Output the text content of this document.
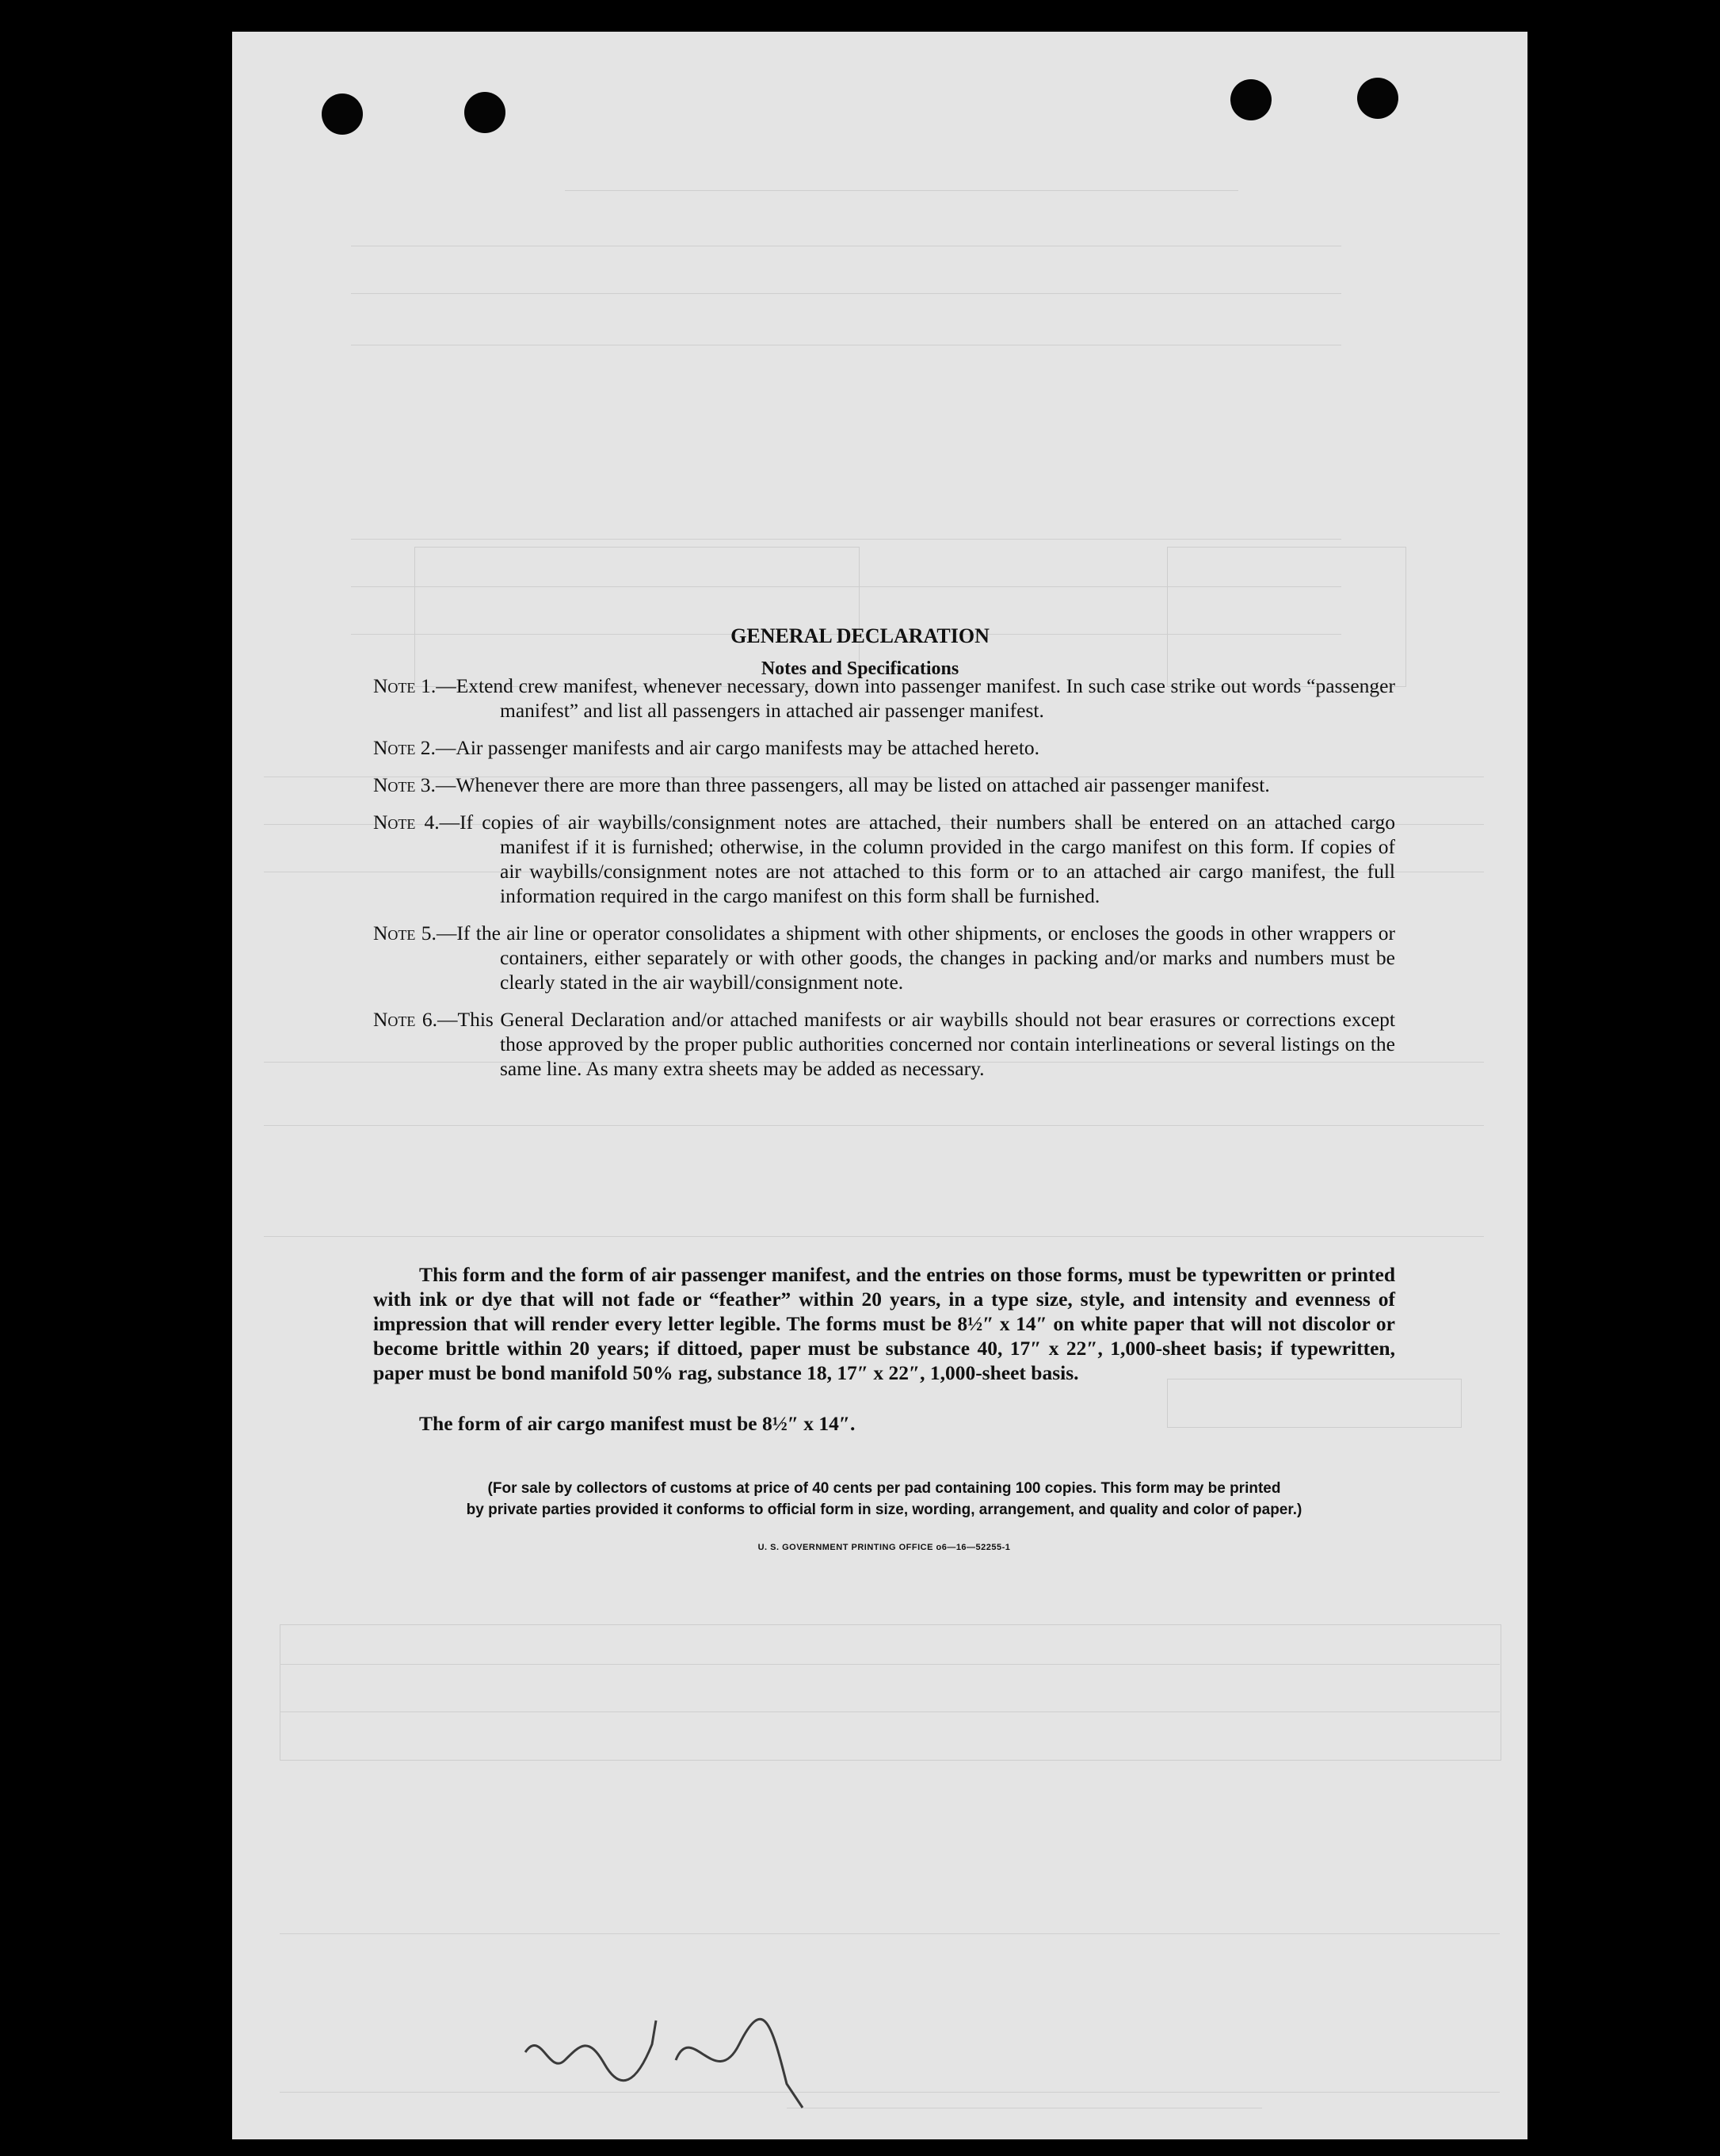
GENERAL DECLARATION
Notes and Specifications
Note 1.—Extend crew manifest, whenever necessary, down into passenger manifest. In such case strike out words “passenger manifest” and list all passengers in attached air passenger manifest.
Note 2.—Air passenger manifests and air cargo manifests may be attached hereto.
Note 3.—Whenever there are more than three passengers, all may be listed on attached air passenger manifest.
Note 4.—If copies of air waybills/consignment notes are attached, their numbers shall be entered on an attached cargo manifest if it is furnished; otherwise, in the column provided in the cargo manifest on this form. If copies of air waybills/consignment notes are not attached to this form or to an attached air cargo manifest, the full information required in the cargo manifest on this form shall be furnished.
Note 5.—If the air line or operator consolidates a shipment with other shipments, or encloses the goods in other wrappers or containers, either separately or with other goods, the changes in packing and/or marks and numbers must be clearly stated in the air waybill/consignment note.
Note 6.—This General Declaration and/or attached manifests or air waybills should not bear erasures or corrections except those approved by the proper public authorities concerned nor contain interlineations or several listings on the same line. As many extra sheets may be added as necessary.
This form and the form of air passenger manifest, and the entries on those forms, must be typewritten or printed with ink or dye that will not fade or “feather” within 20 years, in a type size, style, and intensity and evenness of impression that will render every letter legible. The forms must be 8½″ x 14″ on white paper that will not discolor or become brittle within 20 years; if dittoed, paper must be substance 40, 17″ x 22″, 1,000-sheet basis; if typewritten, paper must be bond manifold 50% rag, substance 18, 17″ x 22″, 1,000-sheet basis.
The form of air cargo manifest must be 8½″ x 14″.
(For sale by collectors of customs at price of 40 cents per pad containing 100 copies. This form may be printed
by private parties provided it conforms to official form in size, wording, arrangement, and quality and color of paper.)
U. S. GOVERNMENT PRINTING OFFICE o6—16—52255-1
